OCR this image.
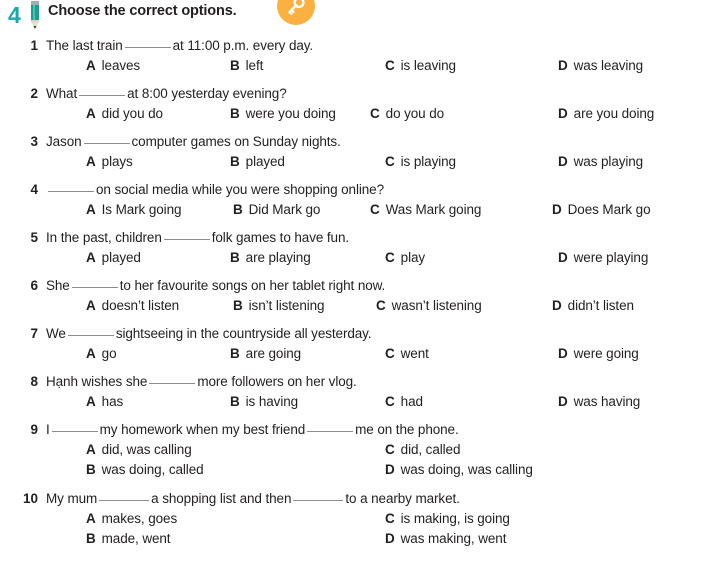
4 Choose the correct options.
1 The last train	at 11:00 p.m. every day.
A leaves	B left	C is leaving	D was leaving
2 What	at 8:00 yesterday evening?
A did you do	B were you doing	C do you do	D are you doing
3 Jason	computer games on Sunday nights.
A plays	B played	C is playing	D was playing
4	on social media while you were shopping online?
A Is Mark going	B Did Mark go	C Was Mark going	D Does Mark go
5 In the past, children	folk games to have fun.
A played	B are playing	C play	D were playing
6 She	to her favourite songs on her tablet right now.
A doesn’t listen	B isn’t listening	C wasn’t listening	D didn’t listen
7 We	sightseeing in the countryside all yesterday.
A go	B are going	C went	D were going
8 Hạnh wishes she	more followers on her vlog.
A has	B is having	C had	D was having
9 I	my homework when my best friend	me on the phone.
A did, was calling
B was doing, called
C did, called
D was doing, was calling
10 My mum	a shopping list and then	to a nearby market.
A makes, goes
B made, went
C is making, is going
D was making, went
